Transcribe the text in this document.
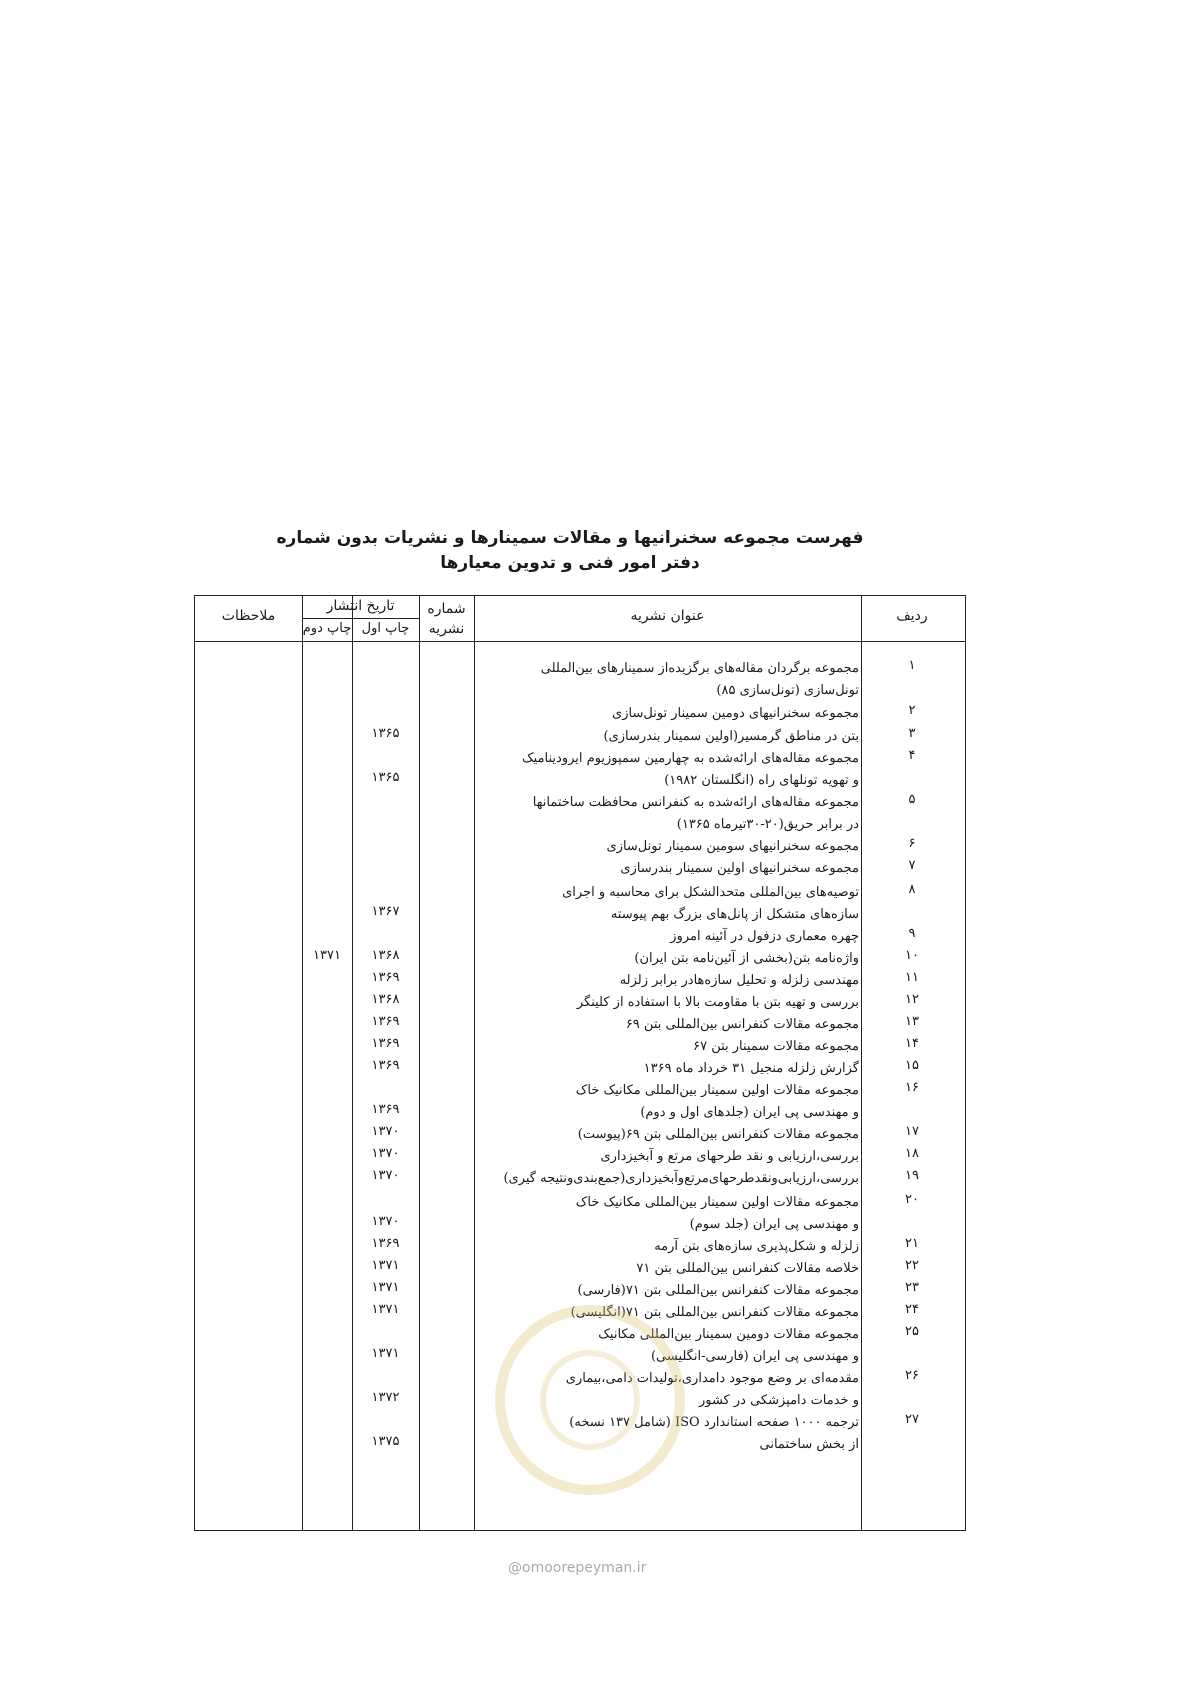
فهرست مجموعه سخنرانیها و مقالات سمینارها و نشریات بدون شماره
دفتر امور فنی و تدوین معیارها
ردیف
عنوان نشریه
شماره نشریه
تاریخ انتشار
چاپ اول
چاپ دوم
ملاحظات
۱
مجموعه برگردان مقاله‌های برگزیده‌از سمینارهای بین‌المللی
تونل‌سازی (تونل‌سازی ۸۵)
۲
مجموعه سخنرانیهای دومین سمینار تونل‌سازی
۳
بتن در مناطق گرمسیر(اولین سمینار بندرسازی)
۱۳۶۵
۴
مجموعه مقاله‌های ارائه‌شده به چهارمین سمپوزیوم ایرودینامیک
و تهویه تونلهای راه (انگلستان ۱۹۸۲)
۱۳۶۵
۵
مجموعه مقاله‌های ارائه‌شده به کنفرانس محافظت ساختمانها
در برابر حریق(۲۰-۳۰تیرماه ۱۳۶۵)
۶
مجموعه سخنرانیهای سومین سمینار تونل‌سازی
۷
مجموعه سخنرانیهای اولین سمینار بندرسازی
۸
توصیه‌های بین‌المللی متحدالشکل برای محاسبه و اجرای
سازه‌های متشکل از پانل‌های بزرگ بهم پیوسته
۱۳۶۷
۹
چهره معماری دزفول در آئینه امروز
۱۰
واژه‌نامه بتن(بخشی از آئین‌نامه بتن ایران)
۱۳۶۸
۱۳۷۱
۱۱
مهندسی زلزله و تحلیل سازه‌هادر برابر زلزله
۱۳۶۹
۱۲
بررسی و تهیه بتن با مقاومت بالا با استفاده از کلینگر
۱۳۶۸
۱۳
مجموعه مقالات کنفرانس بین‌المللی بتن ۶۹
۱۳۶۹
۱۴
مجموعه مقالات سمینار بتن ۶۷
۱۳۶۹
۱۵
گزارش زلزله منجیل ۳۱ خرداد ماه ۱۳۶۹
۱۳۶۹
۱۶
مجموعه مقالات اولین سمینار بین‌المللی مکانیک خاک
و مهندسی پی ایران (جلدهای اول و دوم)
۱۳۶۹
۱۷
مجموعه مقالات کنفرانس بین‌المللی بتن ۶۹(پیوست)
۱۳۷۰
۱۸
بررسی،ارزیابی و نقد طرحهای مرتع و آبخیزداری
۱۳۷۰
۱۹
بررسی،ارزیابی‌ونقدطرحهای‌مرتع‌وآبخیزداری(جمع‌بندی‌ونتیجه گیری)
۱۳۷۰
۲۰
مجموعه مقالات اولین سمینار بین‌المللی مکانیک خاک
و مهندسی پی ایران (جلد سوم)
۱۳۷۰
۲۱
زلزله و شکل‌پذیری سازه‌های بتن آرمه
۱۳۶۹
۲۲
خلاصه مقالات کنفرانس بین‌المللی بتن ۷۱
۱۳۷۱
۲۳
مجموعه مقالات کنفرانس بین‌المللی بتن ۷۱(فارسی)
۱۳۷۱
۲۴
مجموعه مقالات کنفرانس بین‌المللی بتن ۷۱(انگلیسی)
۱۳۷۱
۲۵
مجموعه مقالات دومین سمینار بین‌المللی مکانیک
و مهندسی پی ایران (فارسی-انگلیسی)
۱۳۷۱
۲۶
مقدمه‌ای بر وضع موجود دامداری،تولیدات دامی،بیماری
و خدمات دامپزشکی در کشور
۱۳۷۲
۲۷
ترجمه ۱۰۰۰ صفحه استاندارد ISO (شامل ۱۳۷ نسخه)
از بخش ساختمانی
۱۳۷۵
@omoorepeyman.ir
